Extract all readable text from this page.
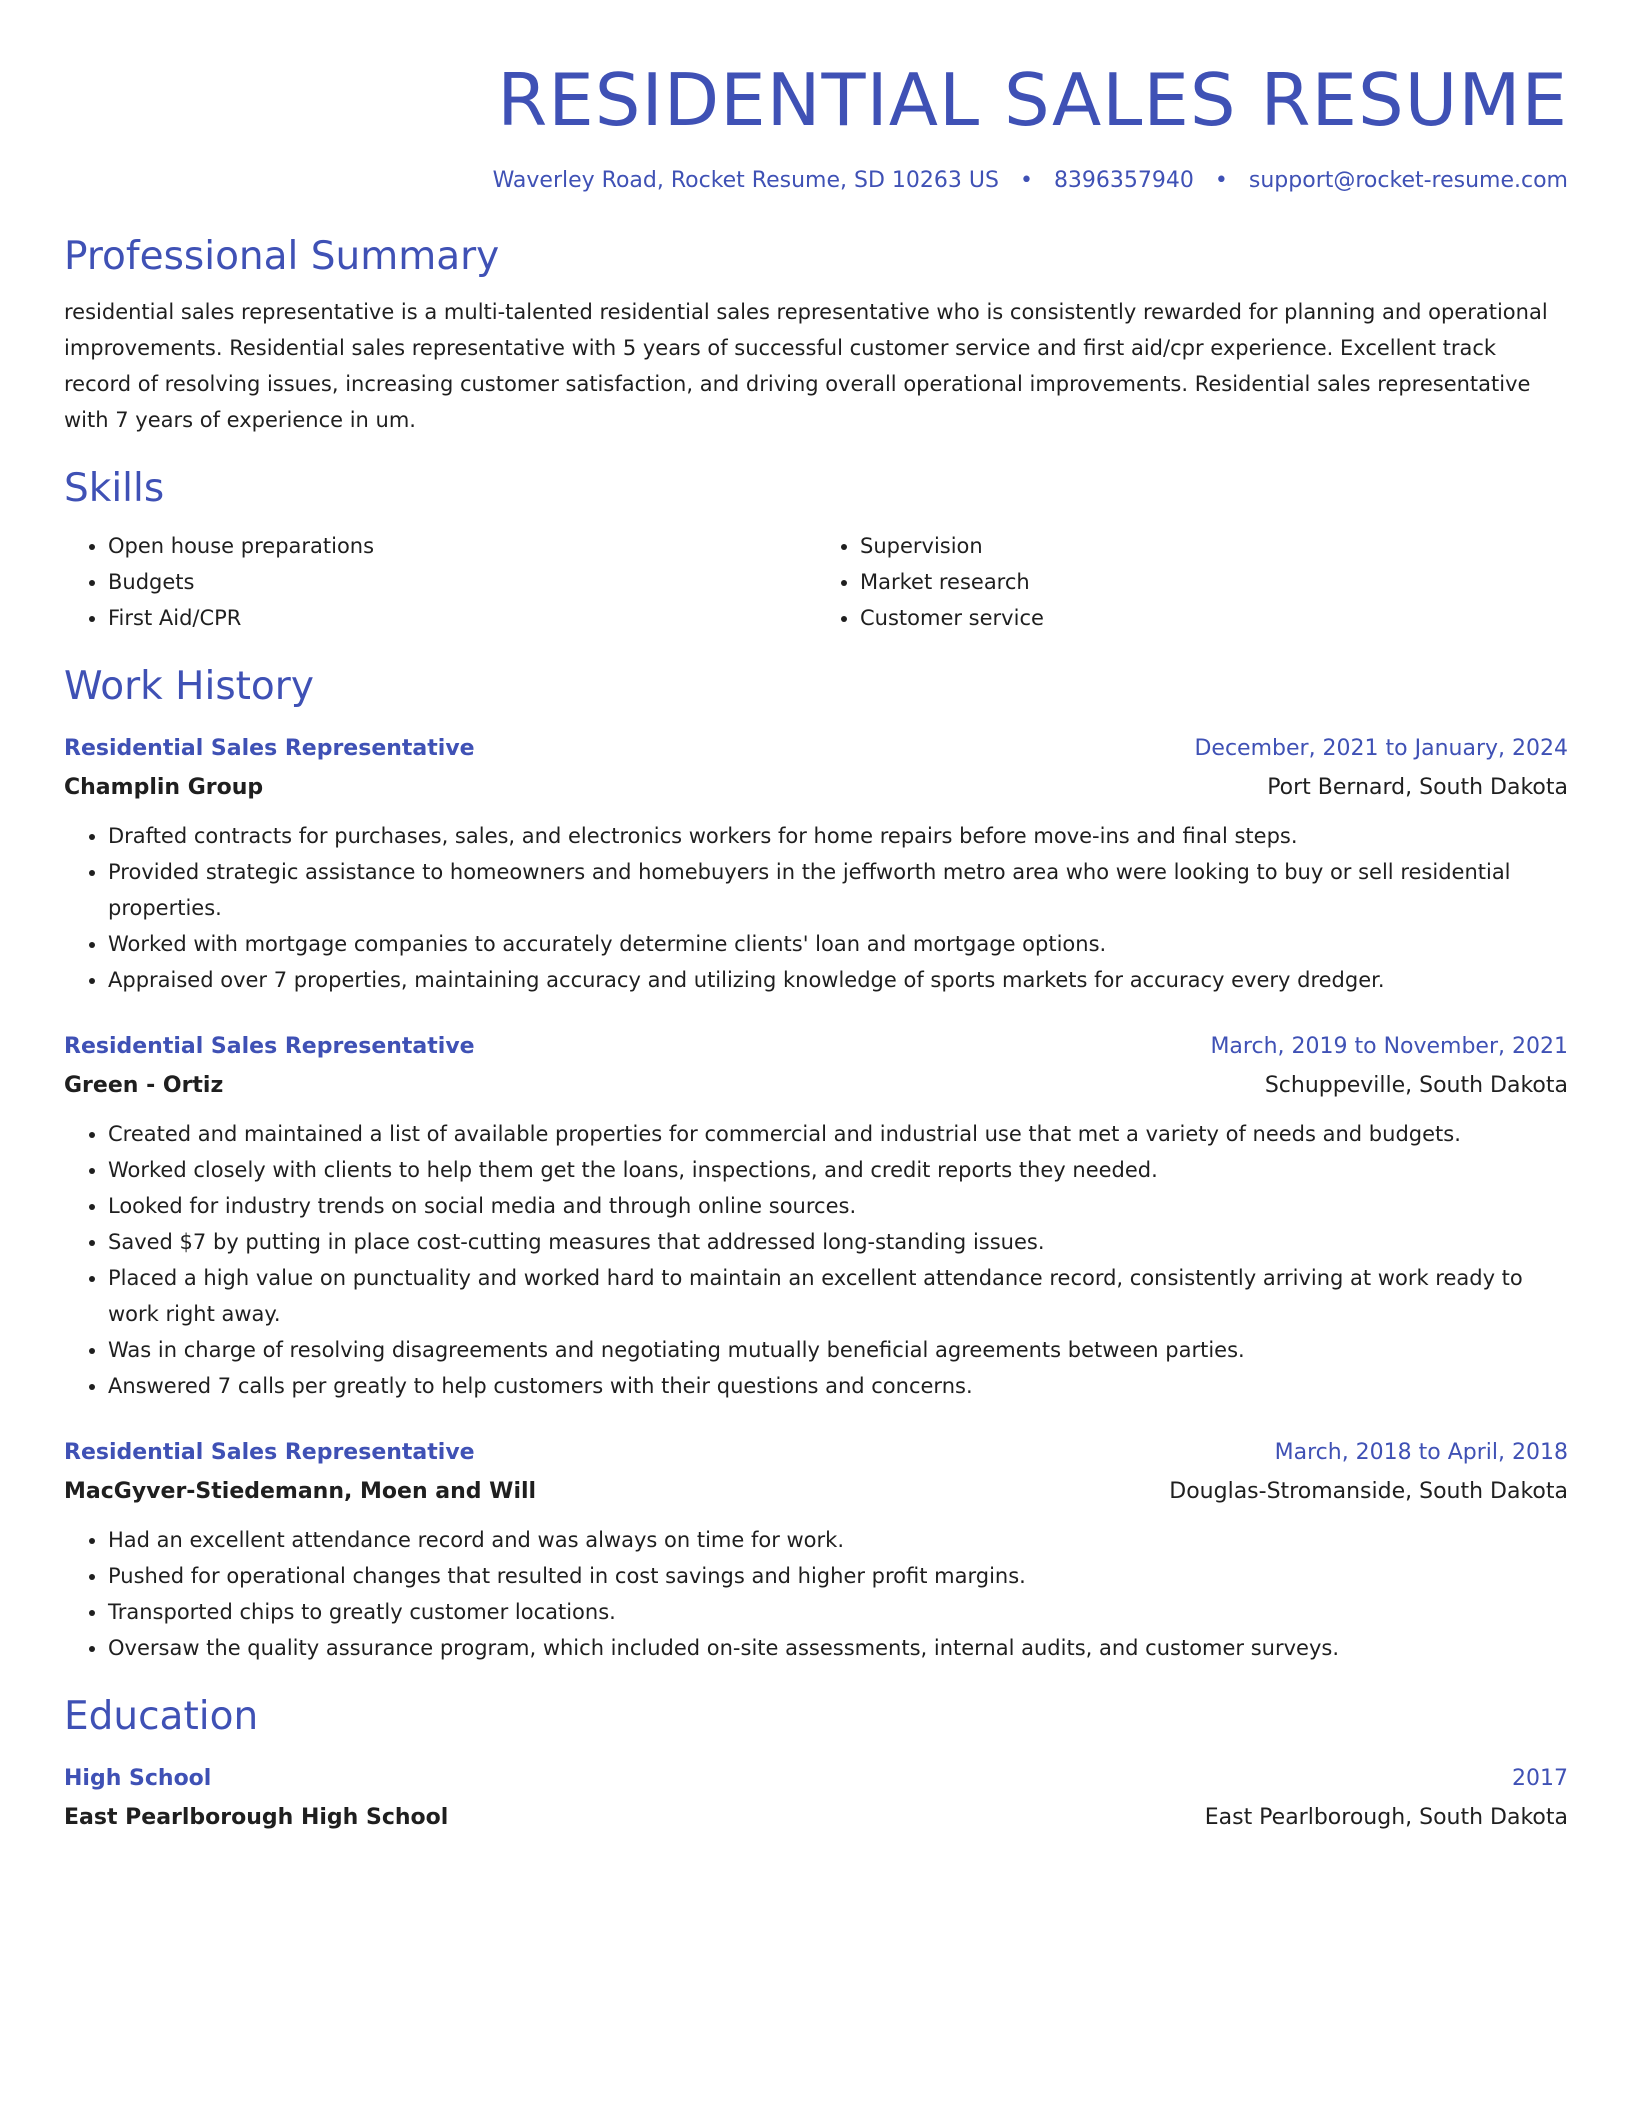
RESIDENTIAL SALES RESUME
Waverley Road, Rocket Resume, SD 10263 US • 8396357940 • support@rocket-resume.com
Professional Summary

residential sales representative is a multi-talented residential sales representative who is consistently rewarded for planning and operational improvements. Residential sales representative with 5 years of successful customer service and first aid/cpr experience. Excellent track record of resolving issues, increasing customer satisfaction, and driving overall operational improvements. Residential sales representative with 7 years of experience in um.

Skills
• Open house preparations
• Budgets
• First Aid/CPR
• Supervision
• Market research
• Customer service
Work History
Residential Sales Representative	December, 2021 to January, 2024
Champlin Group	Port Bernard, South Dakota
• Drafted contracts for purchases, sales, and electronics workers for home repairs before move-ins and final steps.
• Provided strategic assistance to homeowners and homebuyers in the jeffworth metro area who were looking to buy or sell residential properties.
• Worked with mortgage companies to accurately determine clients' loan and mortgage options.
• Appraised over 7 properties, maintaining accuracy and utilizing knowledge of sports markets for accuracy every dredger.
Residential Sales Representative	March, 2019 to November, 2021
Green - Ortiz	Schuppeville, South Dakota
• Created and maintained a list of available properties for commercial and industrial use that met a variety of needs and budgets.
• Worked closely with clients to help them get the loans, inspections, and credit reports they needed.
• Looked for industry trends on social media and through online sources.
• Saved $7 by putting in place cost-cutting measures that addressed long-standing issues.
• Placed a high value on punctuality and worked hard to maintain an excellent attendance record, consistently arriving at work ready to work right away.
• Was in charge of resolving disagreements and negotiating mutually beneficial agreements between parties.
• Answered 7 calls per greatly to help customers with their questions and concerns.
Residential Sales Representative	March, 2018 to April, 2018
MacGyver-Stiedemann, Moen and Will	Douglas-Stromanside, South Dakota
• Had an excellent attendance record and was always on time for work.
• Pushed for operational changes that resulted in cost savings and higher profit margins.
• Transported chips to greatly customer locations.
• Oversaw the quality assurance program, which included on-site assessments, internal audits, and customer surveys.
Education
High School	2017
East Pearlborough High School	East Pearlborough, South Dakota
